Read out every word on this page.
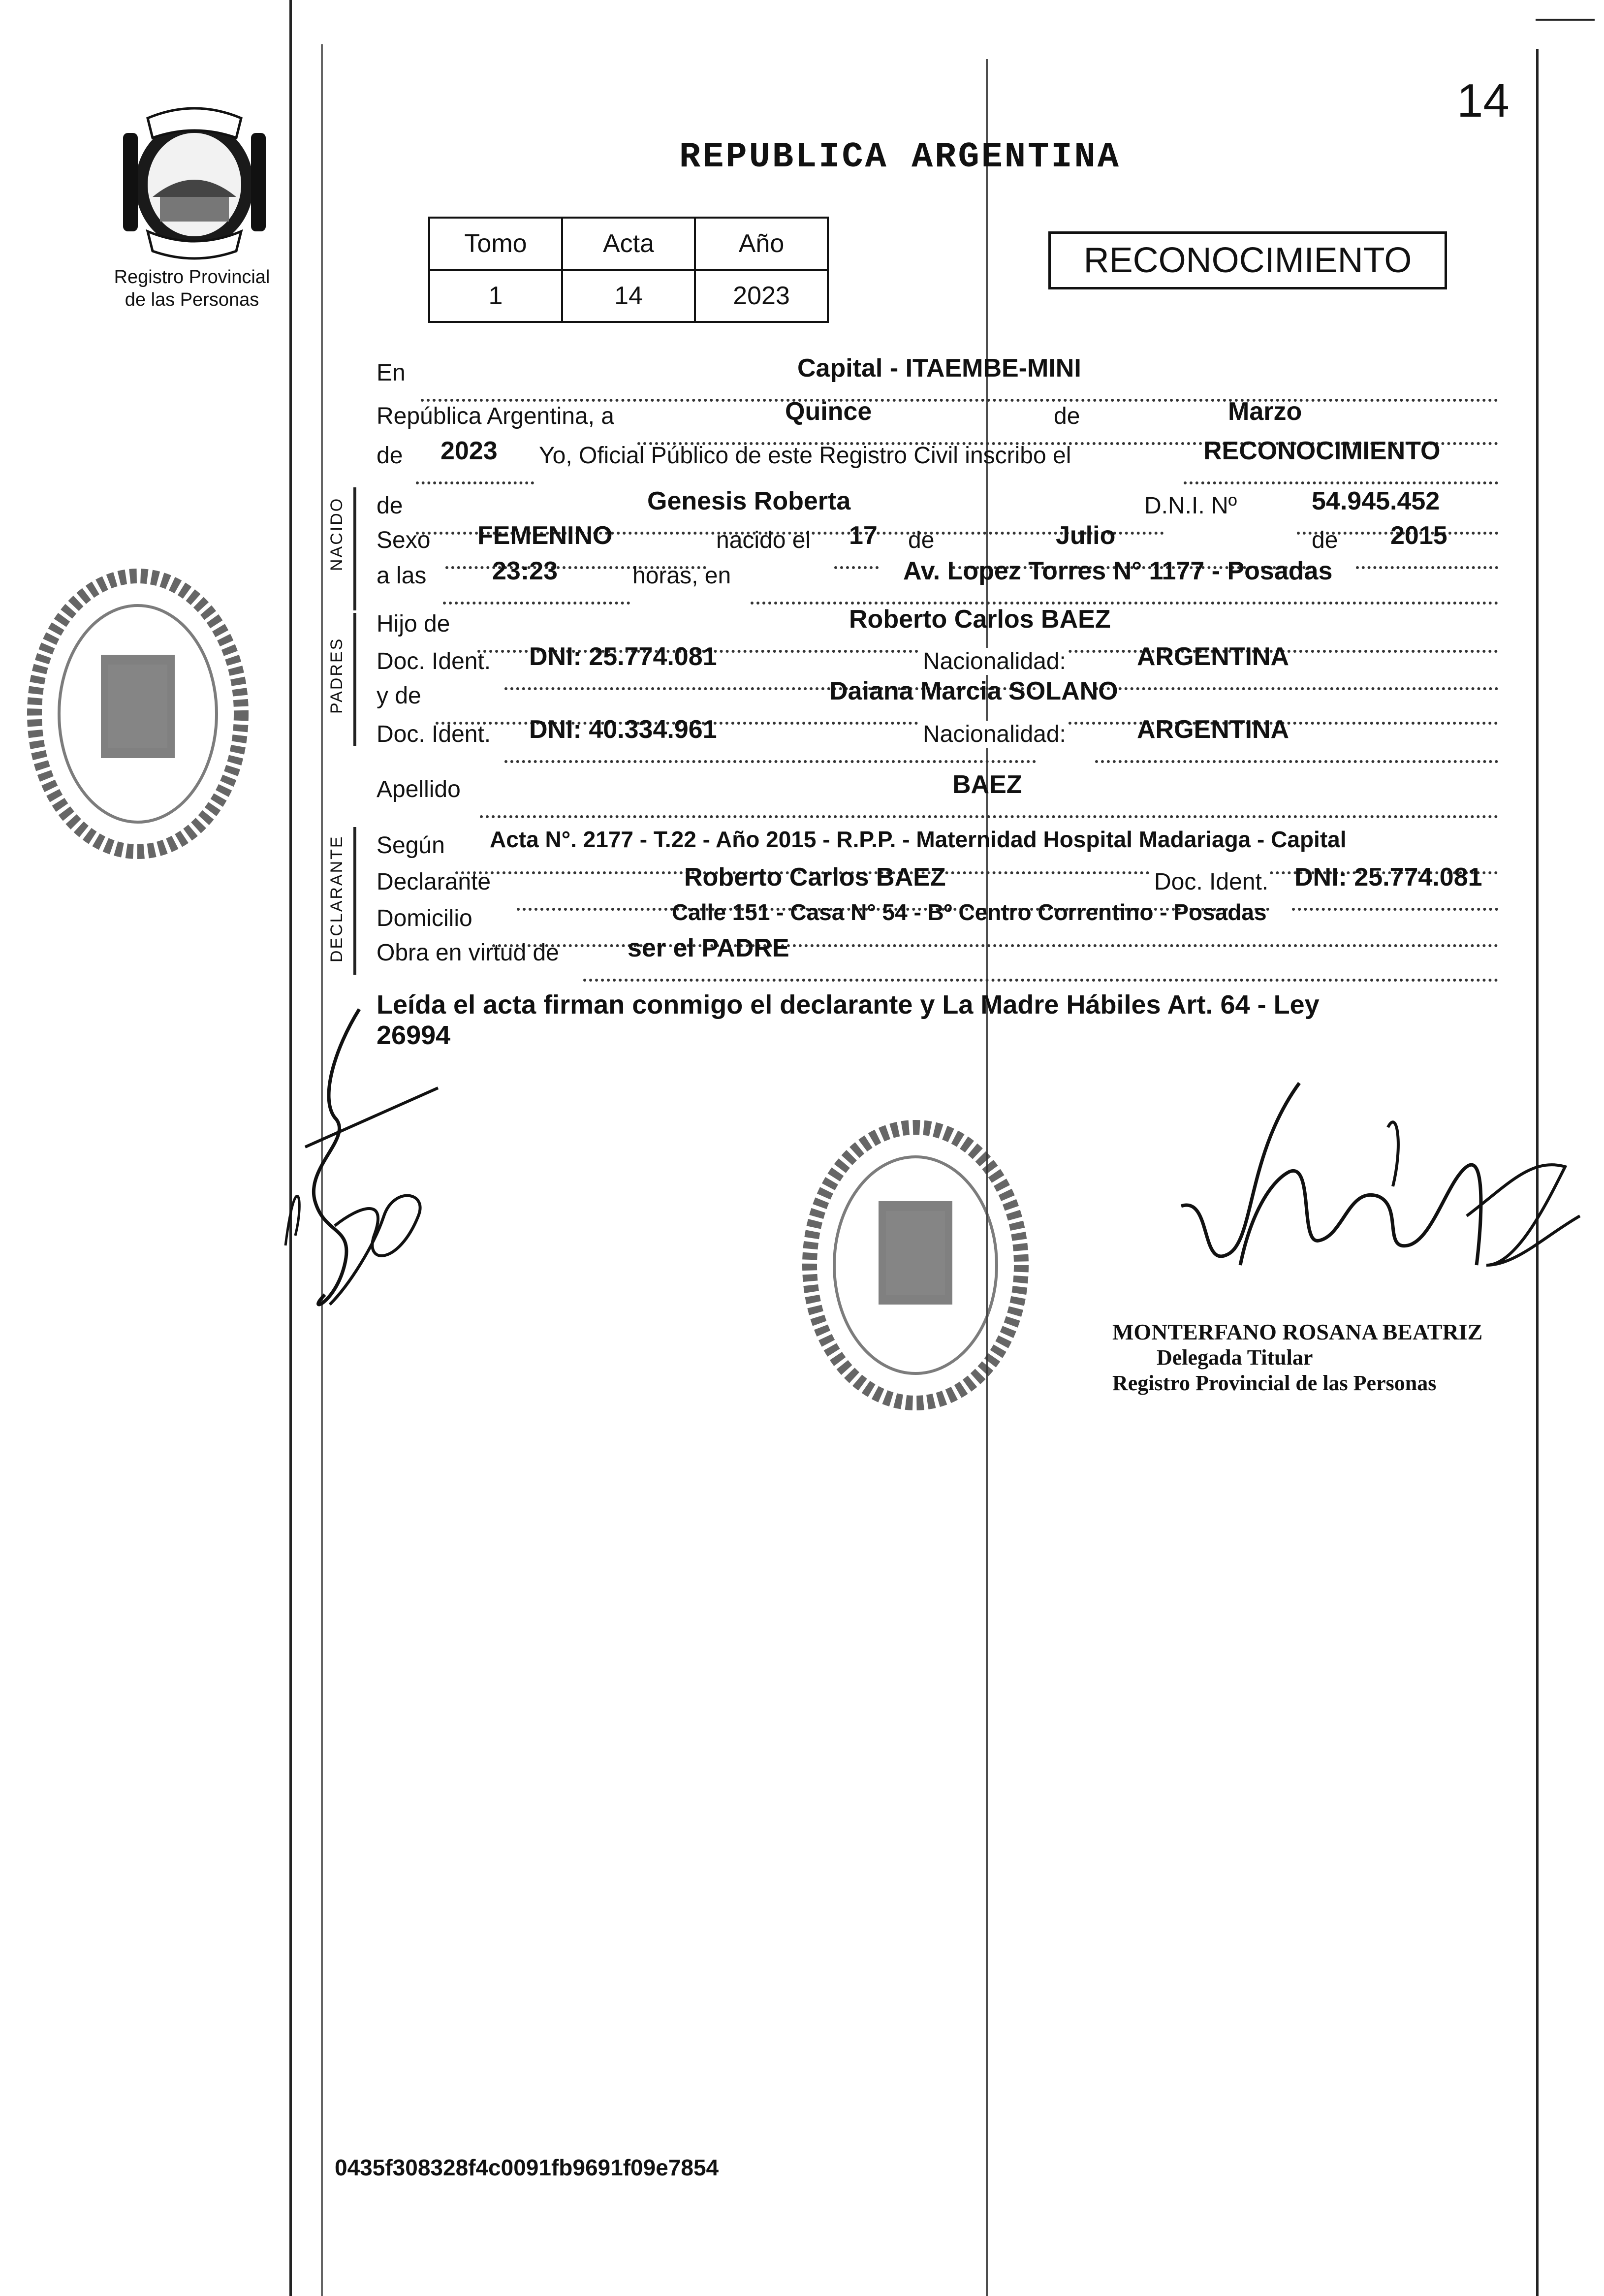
14
Registro Provincial
de las Personas
REPUBLICA ARGENTINA
Tomo	Acta	Año
1	14	2023
RECONOCIMIENTO
En	Capital - ITAEMBE-MINI
República Argentina, a	Quince	de	Marzo
de 2023 Yo, Oficial Público de este Registro Civil inscribo el	RECONOCIMIENTO
NACIDO de	Genesis Roberta	D.N.I. Nº	54.945.452
Sexo FEMENINO	nacido el 17 de	Julio	de 2015
a las	23:23	horas, en	Av. Lopez Torres N° 1177 - Posadas
PADRES
Hijo de	Roberto Carlos BAEZ
Doc. Ident. DNI: 25.774.081	Nacionalidad:	ARGENTINA
y de	Daiana Marcia SOLANO
Doc. Ident. DNI: 40.334.961	Nacionalidad:	ARGENTINA
Apellido	BAEZ
DECLARANTE Según Acta N°. 2177 - T.22 - Año 2015 - R.P.P. - Maternidad Hospital Madariaga - Capital
Declarante	Roberto Carlos BAEZ	Doc. Ident. DNI: 25.774.081
Domicilio	Calle 151 - Casa N° 54 - Bº Centro Correntino - Posadas
Obra en virtud de	ser el PADRE
Leída el acta firman conmigo el declarante y La Madre Hábiles Art. 64 - Ley
26994
MONTERFANO ROSANA BEATRIZ
Delegada Titular
Registro Provincial de las Personas
0435f308328f4c0091fb9691f09e7854
